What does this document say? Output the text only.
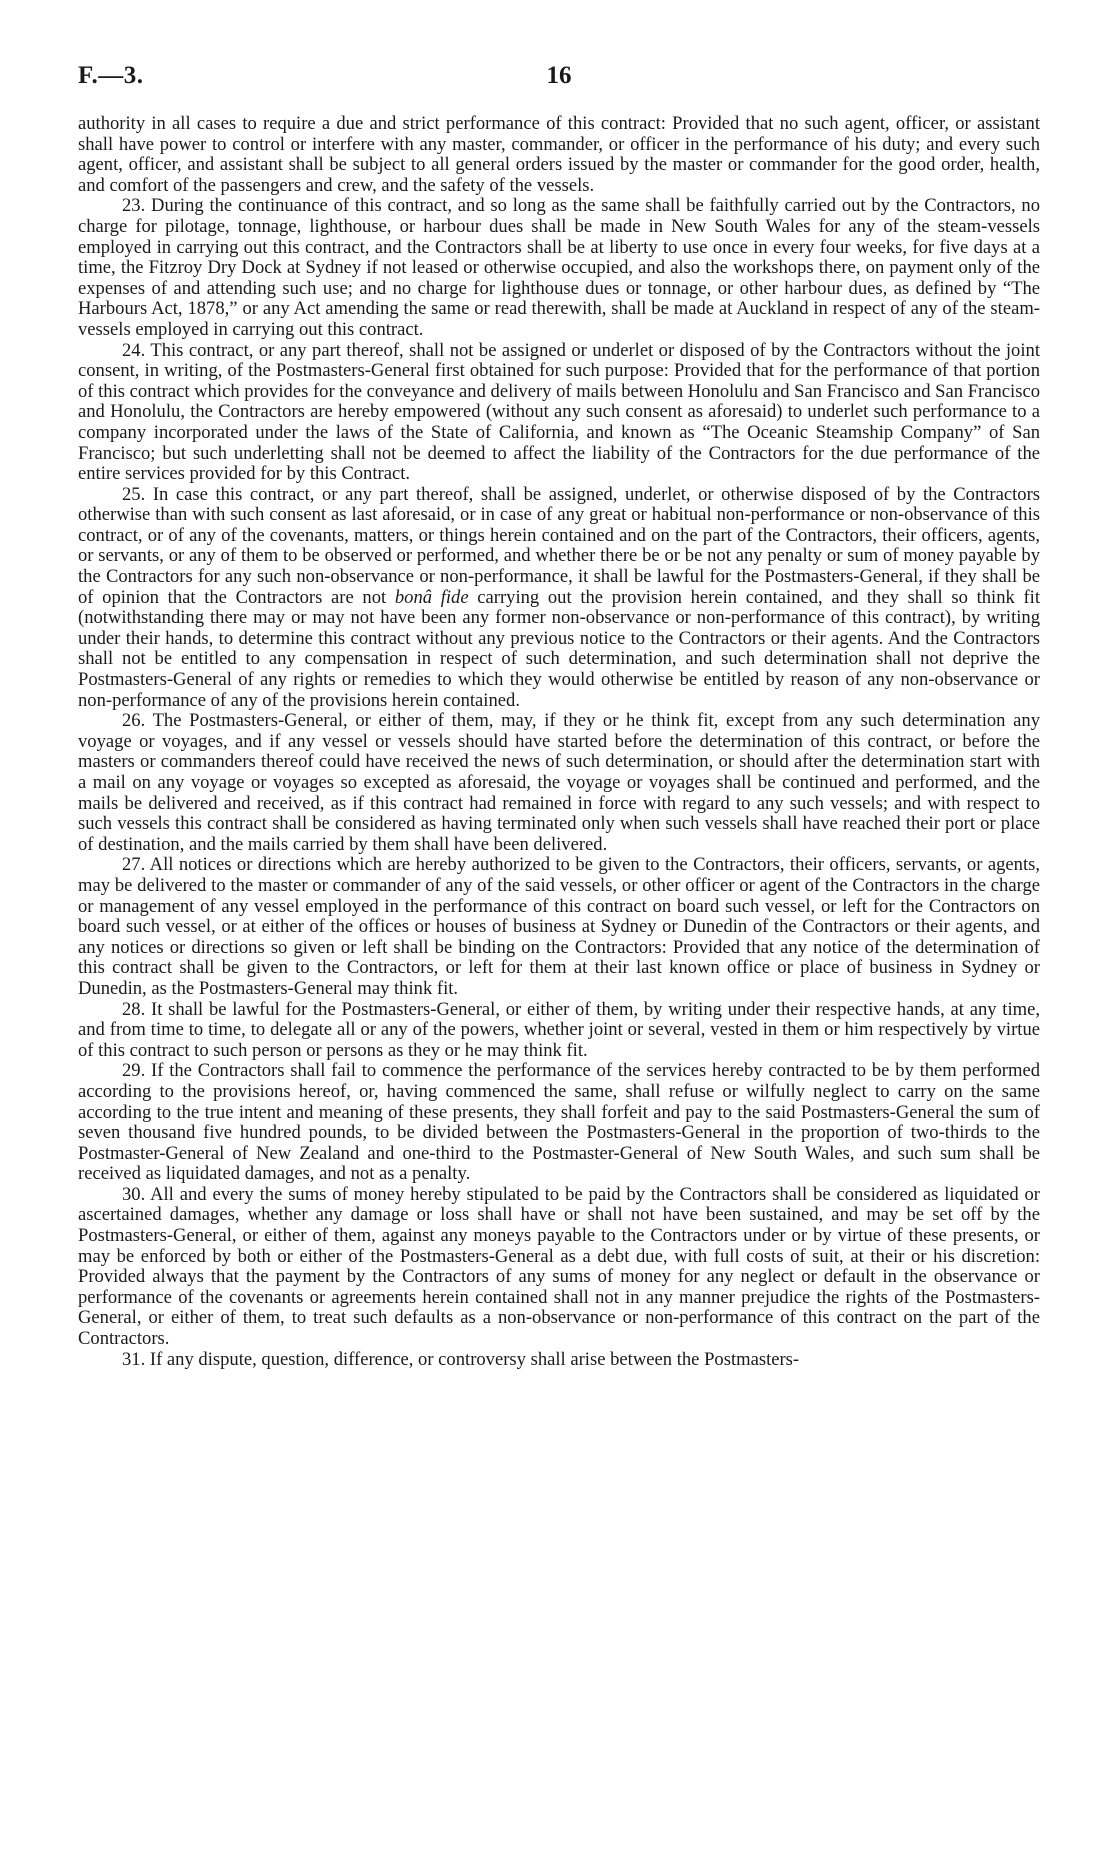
F.—3.	16

authority in all cases to require a due and strict performance of this contract: Provided that no such agent, officer, or assistant shall have power to control or interfere with any master, commander, or officer in the performance of his duty; and every such agent, officer, and assistant shall be subject to all general orders issued by the master or commander for the good order, health, and comfort of the passengers and crew, and the safety of the vessels.

23. During the continuance of this contract, and so long as the same shall be faithfully carried out by the Contractors, no charge for pilotage, tonnage, lighthouse, or harbour dues shall be made in New South Wales for any of the steam-vessels employed in carrying out this contract, and the Contractors shall be at liberty to use once in every four weeks, for five days at a time, the Fitzroy Dry Dock at Sydney if not leased or otherwise occupied, and also the workshops there, on payment only of the expenses of and attending such use; and no charge for lighthouse dues or tonnage, or other harbour dues, as defined by “The Harbours Act, 1878,” or any Act amending the same or read therewith, shall be made at Auckland in respect of any of the steam-vessels employed in carrying out this contract.

24. This contract, or any part thereof, shall not be assigned or underlet or disposed of by the Contractors without the joint consent, in writing, of the Postmasters-General first obtained for such purpose: Provided that for the performance of that portion of this contract which provides for the conveyance and delivery of mails between Honolulu and San Francisco and San Francisco and Honolulu, the Contractors are hereby empowered (without any such consent as aforesaid) to underlet such performance to a company incorporated under the laws of the State of California, and known as “The Oceanic Steamship Company” of San Francisco; but such underletting shall not be deemed to affect the liability of the Contractors for the due performance of the entire services provided for by this Contract.

25. In case this contract, or any part thereof, shall be assigned, underlet, or otherwise disposed of by the Contractors otherwise than with such consent as last aforesaid, or in case of any great or habitual non-performance or non-observance of this contract, or of any of the covenants, matters, or things herein contained and on the part of the Contractors, their officers, agents, or servants, or any of them to be observed or performed, and whether there be or be not any penalty or sum of money payable by the Contractors for any such non-observance or non-performance, it shall be lawful for the Postmasters-General, if they shall be of opinion that the Contractors are not bonâ fide carrying out the provision herein contained, and they shall so think fit (notwithstanding there may or may not have been any former non-observance or non-performance of this contract), by writing under their hands, to determine this contract without any previous notice to the Contractors or their agents. And the Contractors shall not be entitled to any compensation in respect of such determination, and such determination shall not deprive the Postmasters-General of any rights or remedies to which they would otherwise be entitled by reason of any non-observance or non-performance of any of the provisions herein contained.

26. The Postmasters-General, or either of them, may, if they or he think fit, except from any such determination any voyage or voyages, and if any vessel or vessels should have started before the determination of this contract, or before the masters or commanders thereof could have received the news of such determination, or should after the determination start with a mail on any voyage or voyages so excepted as aforesaid, the voyage or voyages shall be continued and performed, and the mails be delivered and received, as if this contract had remained in force with regard to any such vessels; and with respect to such vessels this contract shall be considered as having terminated only when such vessels shall have reached their port or place of destination, and the mails carried by them shall have been delivered.

27. All notices or directions which are hereby authorized to be given to the Contractors, their officers, servants, or agents, may be delivered to the master or commander of any of the said vessels, or other officer or agent of the Contractors in the charge or management of any vessel employed in the performance of this contract on board such vessel, or left for the Contractors on board such vessel, or at either of the offices or houses of business at Sydney or Dunedin of the Contractors or their agents, and any notices or directions so given or left shall be binding on the Contractors: Provided that any notice of the determination of this contract shall be given to the Contractors, or left for them at their last known office or place of business in Sydney or Dunedin, as the Postmasters-General may think fit.

28. It shall be lawful for the Postmasters-General, or either of them, by writing under their respective hands, at any time, and from time to time, to delegate all or any of the powers, whether joint or several, vested in them or him respectively by virtue of this contract to such person or persons as they or he may think fit.

29. If the Contractors shall fail to commence the performance of the services hereby contracted to be by them performed according to the provisions hereof, or, having commenced the same, shall refuse or wilfully neglect to carry on the same according to the true intent and meaning of these presents, they shall forfeit and pay to the said Postmasters-General the sum of seven thousand five hundred pounds, to be divided between the Postmasters-General in the proportion of two-thirds to the Postmaster-General of New Zealand and one-third to the Postmaster-General of New South Wales, and such sum shall be received as liquidated damages, and not as a penalty.

30. All and every the sums of money hereby stipulated to be paid by the Contractors shall be considered as liquidated or ascertained damages, whether any damage or loss shall have or shall not have been sustained, and may be set off by the Postmasters-General, or either of them, against any moneys payable to the Contractors under or by virtue of these presents, or may be enforced by both or either of the Postmasters-General as a debt due, with full costs of suit, at their or his discretion: Provided always that the payment by the Contractors of any sums of money for any neglect or default in the observance or performance of the covenants or agreements herein contained shall not in any manner prejudice the rights of the Postmasters-General, or either of them, to treat such defaults as a non-observance or non-performance of this contract on the part of the Contractors.

31. If any dispute, question, difference, or controversy shall arise between the Postmasters-
